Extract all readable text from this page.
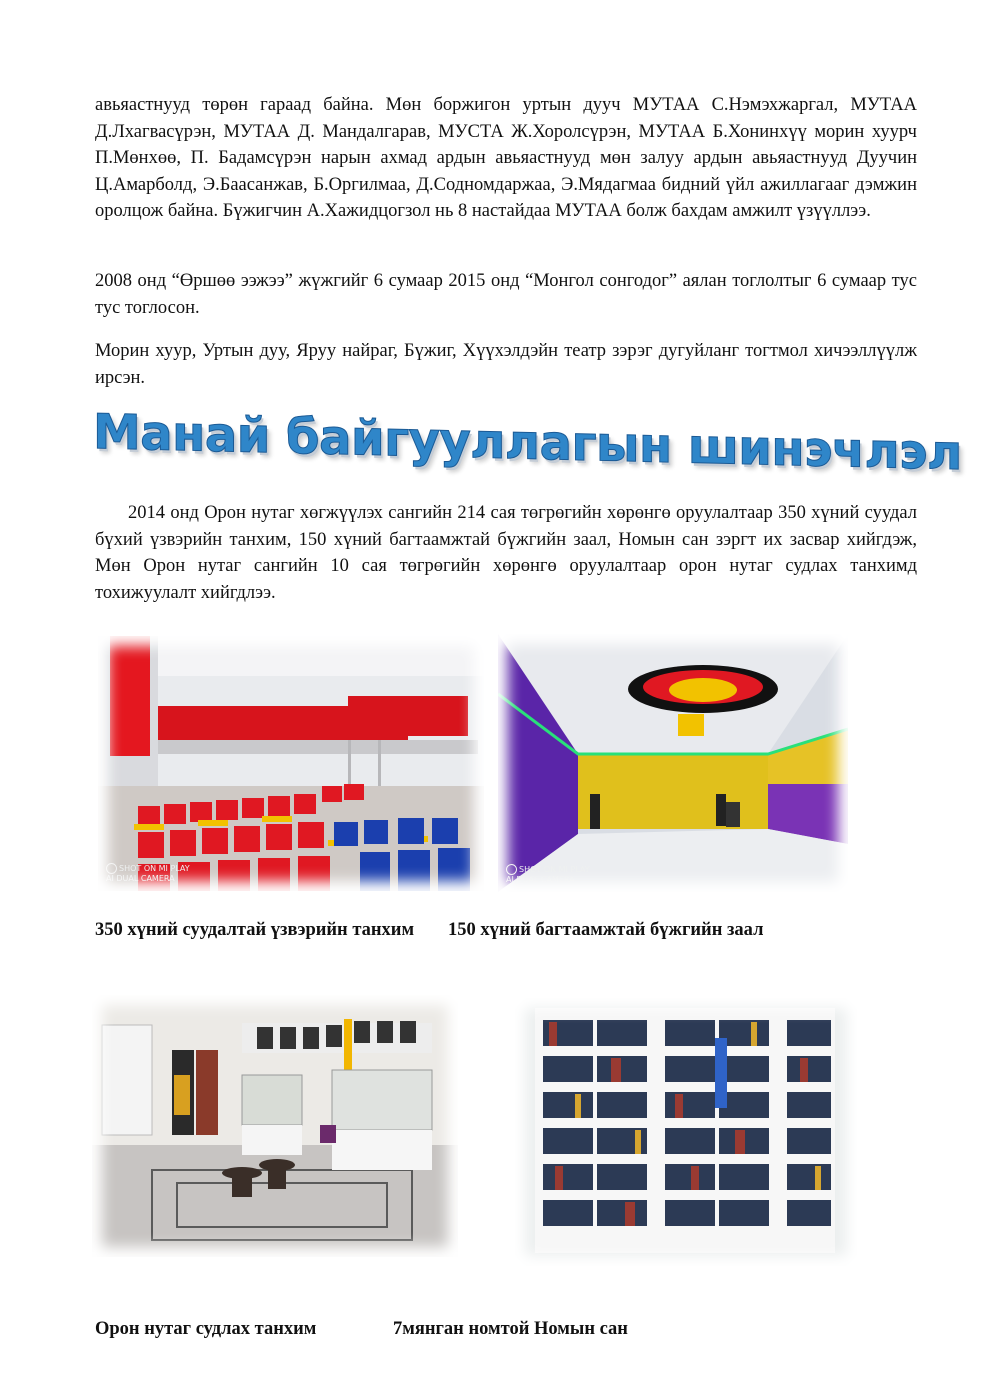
авьяастнууд төрөн гараад байна. Мөн боржигон уртын дууч МУТАА С.Нэмэхжаргал, МУТАА Д.Лхагвасүрэн, МУТАА Д. Мандалгарав, МУСТА Ж.Хоролсүрэн, МУТАА Б.Хонинхүү морин хуурч П.Мөнхөө, П. Бадамсүрэн нарын ахмад ардын авьяастнууд мөн залуу ардын авьяастнууд Дуучин Ц.Амарболд, Э.Баасанжав, Б.Оргилмаа, Д.Содномдаржаа, Э.Мядагмаа бидний үйл ажиллагааг дэмжин оролцож байна. Бүжигчин А.Хажидцогзол нь 8 настайдаа МУТАА болж бахдам амжилт үзүүллээ.

2008 онд “Өршөө ээжээ” жүжгийг 6 сумаар 2015 онд “Монгол сонгодог” аялан тоглолтыг 6 сумаар тус тус тоглосон.

Морин хуур, Уртын дуу, Яруу найраг, Бүжиг, Хүүхэлдэйн театр зэрэг дугуйланг тогтмол хичээллүүлж ирсэн.

Манай байгууллагын шинэчлэл

2014 онд Орон нутаг хөгжүүлэх сангийн 214 сая төгрөгийн хөрөнгө оруулалтаар 350 хүний суудал бүхий үзвэрийн танхим, 150 хүний багтаамжтай бүжгийн заал, Номын сан зэргт их засвар хийгдэж, Мөн Орон нутаг сангийн 10 сая төгрөгийн хөрөнгө оруулалтаар орон нутаг судлах танхимд тохижуулалт хийгдлээ.

SHOT ON MI PLAY
AI DUAL CAMERA
SHOT ON MI PLAY
AI DUAL CAMERA

350 хүний суудалтай үзвэрийн танхим 150 хүний багтаамжтай бүжгийн заал

Орон нутаг судлах танхим	7мянган номтой Номын сан
